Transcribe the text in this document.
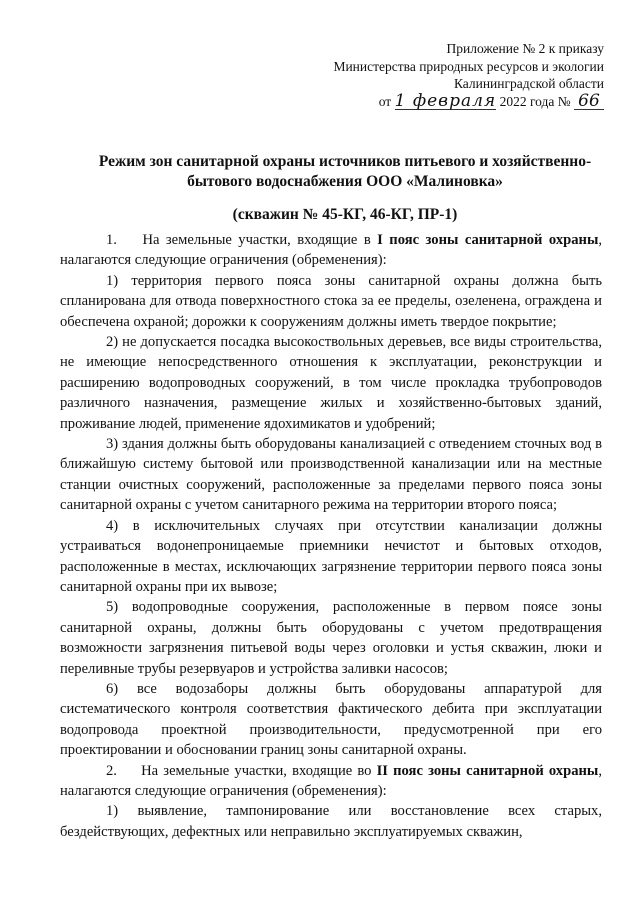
Приложение № 2 к приказу
Министерства природных ресурсов и экологии
Калининградской области
от 1 февраля 2022 года № 66
Режим зон санитарной охраны источников питьевого и хозяйственно-бытового водоснабжения ООО «Малиновка»
(скважин № 45-КГ, 46-КГ, ПР-1)

1. На земельные участки, входящие в I пояс зоны санитарной охраны, налагаются следующие ограничения (обременения):

1) территория первого пояса зоны санитарной охраны должна быть спланирована для отвода поверхностного стока за ее пределы, озеленена, ограждена и обеспечена охраной; дорожки к сооружениям должны иметь твердое покрытие;

2) не допускается посадка высокоствольных деревьев, все виды строительства, не имеющие непосредственного отношения к эксплуатации, реконструкции и расширению водопроводных сооружений, в том числе прокладка трубопроводов различного назначения, размещение жилых и хозяйственно-бытовых зданий, проживание людей, применение ядохимикатов и удобрений;

3) здания должны быть оборудованы канализацией с отведением сточных вод в ближайшую систему бытовой или производственной канализации или на местные станции очистных сооружений, расположенные за пределами первого пояса зоны санитарной охраны с учетом санитарного режима на территории второго пояса;

4) в исключительных случаях при отсутствии канализации должны устраиваться водонепроницаемые приемники нечистот и бытовых отходов, расположенные в местах, исключающих загрязнение территории первого пояса зоны санитарной охраны при их вывозе;

5) водопроводные сооружения, расположенные в первом поясе зоны санитарной охраны, должны быть оборудованы с учетом предотвращения возможности загрязнения питьевой воды через оголовки и устья скважин, люки и переливные трубы резервуаров и устройства заливки насосов;

6) все водозаборы должны быть оборудованы аппаратурой для систематического контроля соответствия фактического дебита при эксплуатации водопровода проектной производительности, предусмотренной при его проектировании и обосновании границ зоны санитарной охраны.

2. На земельные участки, входящие во II пояс зоны санитарной охраны, налагаются следующие ограничения (обременения):

1) выявление, тампонирование или восстановление всех старых, бездействующих, дефектных или неправильно эксплуатируемых скважин,
